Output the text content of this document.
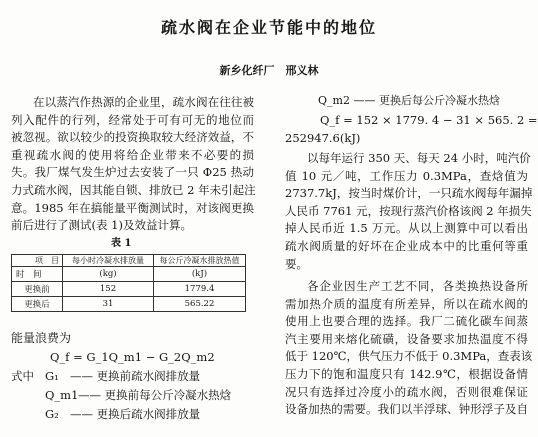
疏水阀在企业节能中的地位
新乡化纤厂　邢义林

在以蒸汽作热源的企业里，疏水阀在往往被

列入配件的行列，经常处于可有可无的地位而

被忽视。欲以较少的投资换取较大经济效益，不

重视疏水阀的使用将给企业带来不必要的损

失。我厂煤气发生炉过去安装了一只 Φ25 热动

力式疏水阀，因其能自锁、排放已 2 年未引起注

意。1985 年在搞能量平衡测试时，对该阀更换

前后进行了测试(表 1)及效益计算。

表 1
项　目	每小时冷凝水排放量	每公斤冷凝水排放热值
时　间	(kg)	(kJ)
更换前	152	1779.4
更换后	31	565.22
能量浪费为
Q_f = G_1Q_m1 − G_2Q_m2
式中 G₁ —— 更换前疏水阀排放量
Q_m1 —— 更换前每公斤冷凝水热焓
G₂ —— 更换后疏水阀排放量
Q_m2 —— 更换后每公斤冷凝水热焓
Q_f = 152 × 1779. 4 − 31 × 565. 2 =
252947.6(kJ)

以每年运行 350 天、每天 24 小时，吨汽价

值 10 元／吨，工作压力 0.3MPa，查焓值为

2737.7kJ，按当时煤价计，一只疏水阀每年漏掉

人民币 7761 元，按现行蒸汽价格该阀 2 年损失

掉人民币近 1.5 万元。从以上测算中可以看出

疏水阀质量的好坏在企业成本中的比重何等重

要。

各企业因生产工艺不同，各类换热设备所

需加热介质的温度有所差异，所以在疏水阀的

使用上也要合理的选择。我厂二硫化碳车间蒸

汽主要用来熔化硫磺，设备要求加热温度不得

低于 120℃，供气压力不低于 0.3MPa，查表该

压力下的饱和温度只有 142.9℃，根据设备情

况只有选择过冷度小的疏水阀，否则很难保证

设备加热的需要。我们以半浮球、钟形浮子及自
